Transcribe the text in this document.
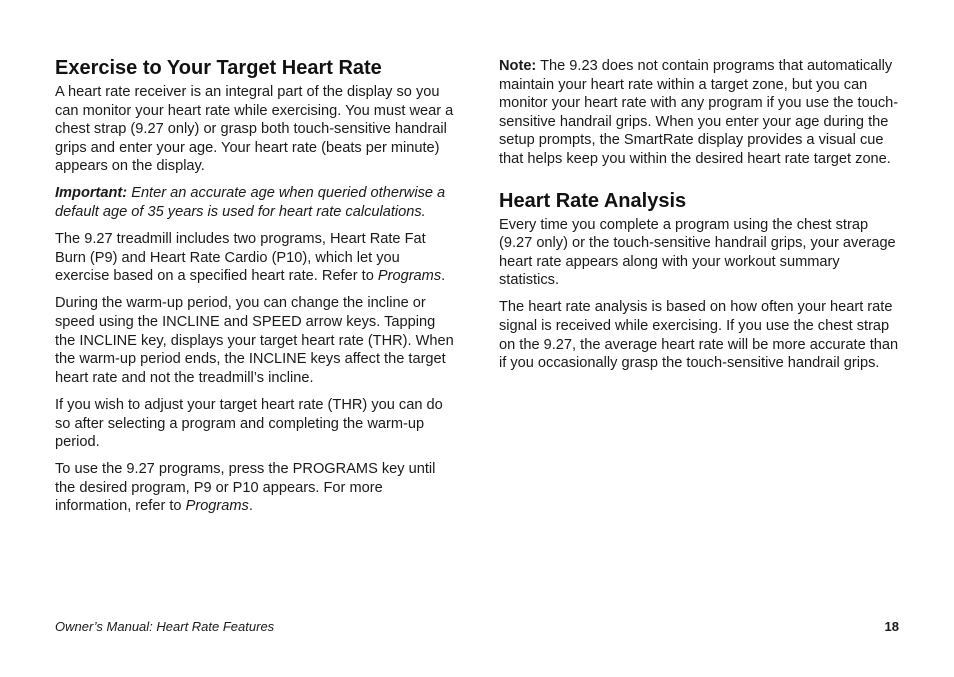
Exercise to Your Target Heart Rate

A heart rate receiver is an integral part of the display so you can monitor your heart rate while exercising. You must wear a chest strap (9.27 only) or grasp both touch-sensitive handrail grips and enter your age. Your heart rate (beats per minute) appears on the display.

Important: Enter an accurate age when queried otherwise a default age of 35 years is used for heart rate calculations.

The 9.27 treadmill includes two programs, Heart Rate Fat Burn (P9) and Heart Rate Cardio (P10), which let you exercise based on a specified heart rate. Refer to Programs.

During the warm-up period, you can change the incline or speed using the INCLINE and SPEED arrow keys. Tapping the INCLINE key, displays your target heart rate (THR). When the warm-up period ends, the INCLINE keys affect the target heart rate and not the treadmill’s incline.

If you wish to adjust your target heart rate (THR) you can do so after selecting a program and completing the warm-up period.

To use the 9.27 programs, press the PROGRAMS key until the desired program, P9 or P10 appears. For more information, refer to Programs.

Note: The 9.23 does not contain programs that automatically maintain your heart rate within a target zone, but you can monitor your heart rate with any program if you use the touch-sensitive handrail grips. When you enter your age during the setup prompts, the SmartRate display provides a visual cue that helps keep you within the desired heart rate target zone.

Heart Rate Analysis

Every time you complete a program using the chest strap (9.27 only) or the touch-sensitive handrail grips, your average heart rate appears along with your workout summary statistics.

The heart rate analysis is based on how often your heart rate signal is received while exercising. If you use the chest strap on the 9.27, the average heart rate will be more accurate than if you occasionally grasp the touch-sensitive handrail grips.

Owner’s Manual: Heart Rate Features	18
